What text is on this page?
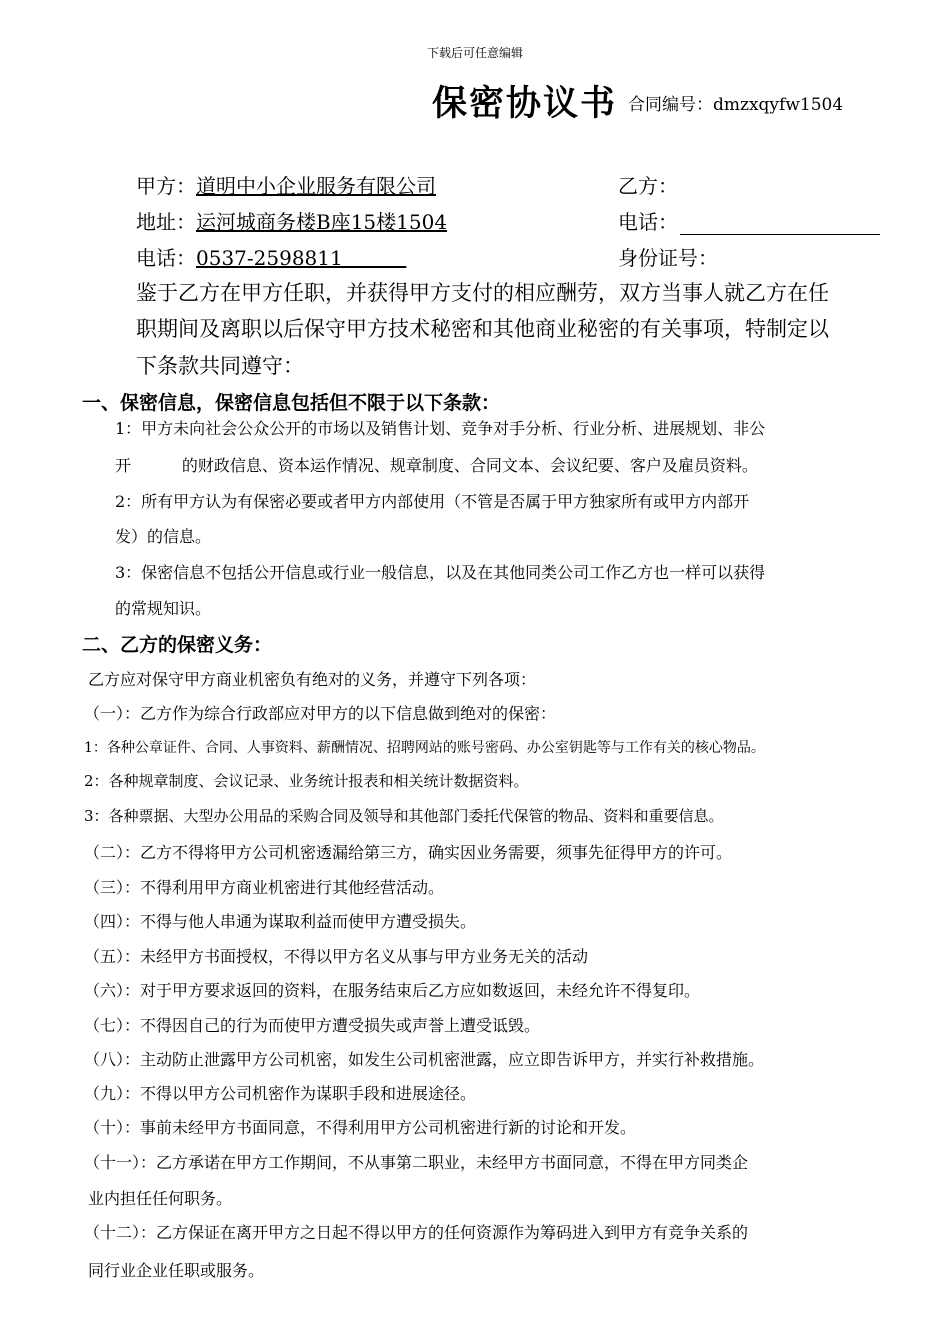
下载后可任意编辑
保密协议书 合同编号：dmzxqyfw1504
甲方：道明中小企业服务有限公司
地址：运河城商务楼B座15楼1504
电话：0537-2598811
乙方：
电话：
身份证号：
鉴于乙方在甲方任职，并获得甲方支付的相应酬劳，双方当事人就乙方在任
职期间及离职以后保守甲方技术秘密和其他商业秘密的有关事项，特制定以
下条款共同遵守：
一、保密信息，保密信息包括但不限于以下条款：
1：甲方未向社会公众公开的市场以及销售计划、竞争对手分析、行业分析、进展规划、非公
开          的财政信息、资本运作情况、规章制度、合同文本、会议纪要、客户及雇员资料。
2：所有甲方认为有保密必要或者甲方内部使用（不管是否属于甲方独家所有或甲方内部开
发）的信息。
3：保密信息不包括公开信息或行业一般信息，以及在其他同类公司工作乙方也一样可以获得
的常规知识。
二、乙方的保密义务：
乙方应对保守甲方商业机密负有绝对的义务，并遵守下列各项：
（一）：乙方作为综合行政部应对甲方的以下信息做到绝对的保密：
1：各种公章证件、合同、人事资料、薪酬情况、招聘网站的账号密码、办公室钥匙等与工作有关的核心物品。
2：各种规章制度、会议记录、业务统计报表和相关统计数据资料。
3：各种票据、大型办公用品的采购合同及领导和其他部门委托代保管的物品、资料和重要信息。
（二）：乙方不得将甲方公司机密透漏给第三方，确实因业务需要，须事先征得甲方的许可。
（三）：不得利用甲方商业机密进行其他经营活动。
（四）：不得与他人串通为谋取利益而使甲方遭受损失。
（五）：未经甲方书面授权，不得以甲方名义从事与甲方业务无关的活动
（六）：对于甲方要求返回的资料，在服务结束后乙方应如数返回，未经允许不得复印。
（七）：不得因自己的行为而使甲方遭受损失或声誉上遭受诋毁。
（八）：主动防止泄露甲方公司机密，如发生公司机密泄露，应立即告诉甲方，并实行补救措施。
（九）：不得以甲方公司机密作为谋职手段和进展途径。
（十）：事前未经甲方书面同意，不得利用甲方公司机密进行新的讨论和开发。
（十一）：乙方承诺在甲方工作期间，不从事第二职业，未经甲方书面同意，不得在甲方同类企
业内担任任何职务。
（十二）：乙方保证在离开甲方之日起不得以甲方的任何资源作为筹码进入到甲方有竞争关系的
同行业企业任职或服务。
